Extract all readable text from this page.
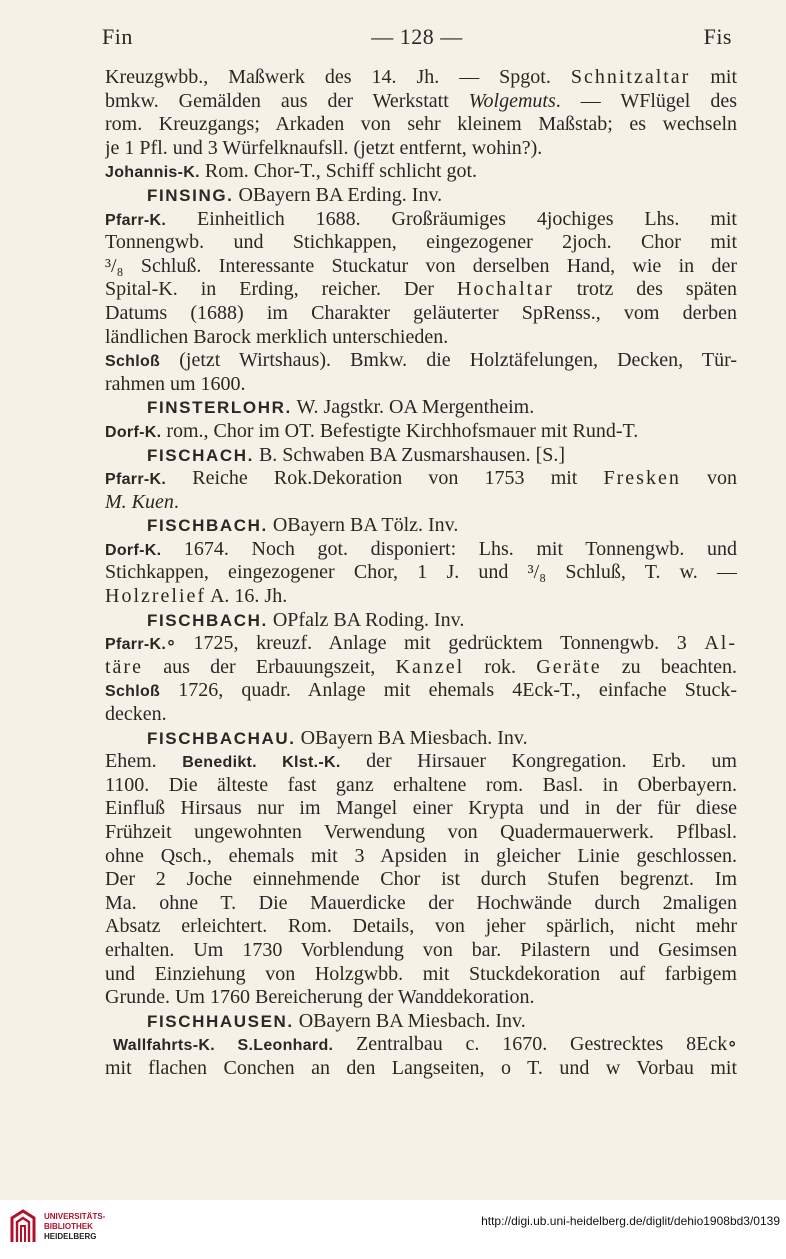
Fin	— 128 —	Fis
Kreuzgwbb., Maßwerk des 14. Jh. — Spgot. Schnitzaltar mit
bmkw. Gemälden aus der Werkstatt Wolgemuts. — WFlügel des
rom. Kreuzgangs; Arkaden von sehr kleinem Maßstab; es wechseln
je 1 Pfl. und 3 Würfelknaufsll. (jetzt entfernt, wohin?).
Johannis-K. Rom. Chor-T., Schiff schlicht got.
FINSING. OBayern BA Erding. Inv.
Pfarr-K. Einheitlich 1688. Großräumiges 4jochiges Lhs. mit
Tonnengwb. und Stichkappen, eingezogener 2joch. Chor mit
³/₈ Schluß. Interessante Stuckatur von derselben Hand, wie in der
Spital-K. in Erding, reicher. Der Hochaltar trotz des späten
Datums (1688) im Charakter geläuterter SpRenss., vom derben
ländlichen Barock merklich unterschieden.
Schloß (jetzt Wirtshaus). Bmkw. die Holztäfelungen, Decken, Tür-
rahmen um 1600.
FINSTERLOHR. W. Jagstkr. OA Mergentheim.
Dorf-K. rom., Chor im OT. Befestigte Kirchhofsmauer mit Rund-T.
FISCHACH. B. Schwaben BA Zusmarshausen. [S.]
Pfarr-K. Reiche Rok.Dekoration von 1753 mit Fresken von
M. Kuen.
FISCHBACH. OBayern BA Tölz. Inv.
Dorf-K. 1674. Noch got. disponiert: Lhs. mit Tonnengwb. und
Stichkappen, eingezogener Chor, 1 J. und ³/₈ Schluß, T. w. —
Holzrelief A. 16. Jh.
FISCHBACH. OPfalz BA Roding. Inv.
Pfarr-K.∘ 1725, kreuzf. Anlage mit gedrücktem Tonnengwb. 3 Al-
täre aus der Erbauungszeit, Kanzel rok. Geräte zu beachten.
Schloß 1726, quadr. Anlage mit ehemals 4Eck-T., einfache Stuck-
decken.
FISCHBACHAU. OBayern BA Miesbach. Inv.
Ehem. Benedikt. Klst.-K. der Hirsauer Kongregation. Erb. um
1100. Die älteste fast ganz erhaltene rom. Basl. in Oberbayern.
Einfluß Hirsaus nur im Mangel einer Krypta und in der für diese
Frühzeit ungewohnten Verwendung von Quadermauerwerk. Pflbasl.
ohne Qsch., ehemals mit 3 Apsiden in gleicher Linie geschlossen.
Der 2 Joche einnehmende Chor ist durch Stufen begrenzt. Im
Ma. ohne T. Die Mauerdicke der Hochwände durch 2maligen
Absatz erleichtert. Rom. Details, von jeher spärlich, nicht mehr
erhalten. Um 1730 Vorblendung von bar. Pilastern und Gesimsen
und Einziehung von Holzgwbb. mit Stuckdekoration auf farbigem
Grunde. Um 1760 Bereicherung der Wanddekoration.
FISCHHAUSEN. OBayern BA Miesbach. Inv.
Wallfahrts-K. S.Leonhard. Zentralbau c. 1670. Gestrecktes 8Eck∘
mit flachen Conchen an den Langseiten, o T. und w Vorbau mit
UNIVERSITÄTS-
BIBLIOTHEK
HEIDELBERG
http://digi.ub.uni-heidelberg.de/diglit/dehio1908bd3/0139
